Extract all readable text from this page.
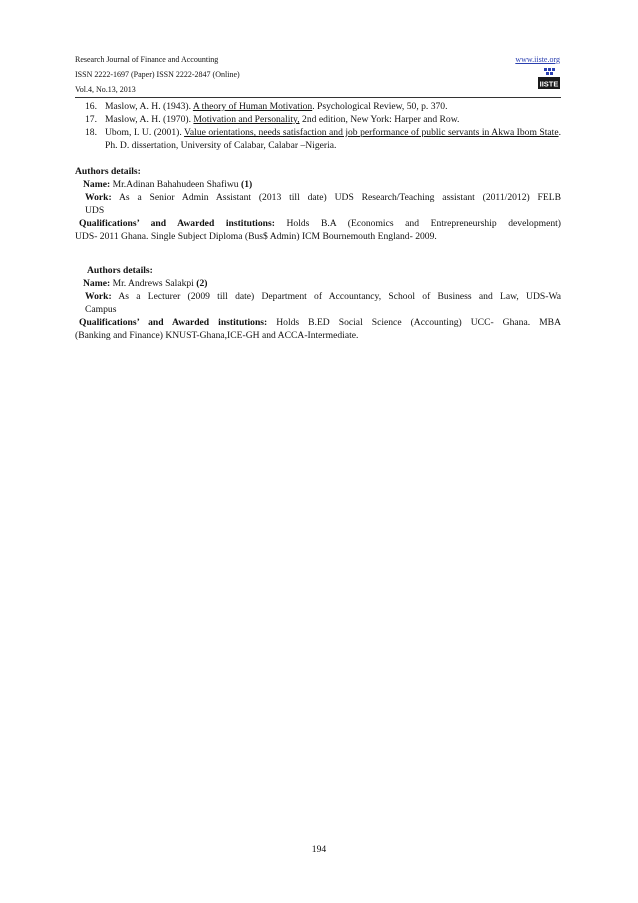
Research Journal of Finance and Accounting
ISSN 2222-1697 (Paper) ISSN 2222-2847 (Online)
Vol.4, No.13, 2013
www.iiste.org
IISTE
16. Maslow, A. H. (1943). A theory of Human Motivation. Psychological Review, 50, p. 370.
17. Maslow, A. H. (1970). Motivation and Personality, 2nd edition, New York: Harper and Row.
18. Ubom, I. U. (2001). Value orientations, needs satisfaction and job performance of public servants in Akwa Ibom State. Ph. D. dissertation, University of Calabar, Calabar –Nigeria.
Authors details:
Name: Mr.Adinan Bahahudeen Shafiwu (1)
Work: As a Senior Admin Assistant (2013 till date) UDS Research/Teaching assistant (2011/2012) FELB
UDS
Qualifications’ and Awarded institutions: Holds B.A (Economics and Entrepreneurship development)
UDS- 2011 Ghana. Single Subject Diploma (Bus$ Admin) ICM Bournemouth England- 2009.
Authors details:
Name: Mr. Andrews Salakpi (2)
Work: As a Lecturer (2009 till date) Department of Accountancy, School of Business and Law, UDS-Wa
Campus
Qualifications’ and Awarded institutions: Holds B.ED Social Science (Accounting) UCC- Ghana. MBA
(Banking and Finance) KNUST-Ghana,ICE-GH and ACCA-Intermediate.
194
